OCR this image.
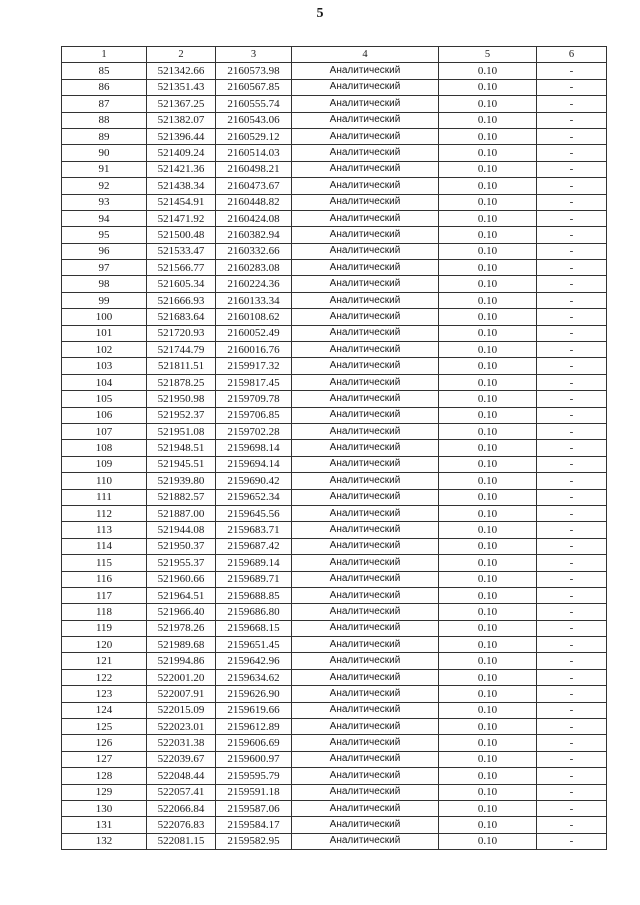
5
1	2	3	4	5	6
85	521342.66	2160573.98	Аналитический	0.10	-
86	521351.43	2160567.85	Аналитический	0.10	-
87	521367.25	2160555.74	Аналитический	0.10	-
88	521382.07	2160543.06	Аналитический	0.10	-
89	521396.44	2160529.12	Аналитический	0.10	-
90	521409.24	2160514.03	Аналитический	0.10	-
91	521421.36	2160498.21	Аналитический	0.10	-
92	521438.34	2160473.67	Аналитический	0.10	-
93	521454.91	2160448.82	Аналитический	0.10	-
94	521471.92	2160424.08	Аналитический	0.10	-
95	521500.48	2160382.94	Аналитический	0.10	-
96	521533.47	2160332.66	Аналитический	0.10	-
97	521566.77	2160283.08	Аналитический	0.10	-
98	521605.34	2160224.36	Аналитический	0.10	-
99	521666.93	2160133.34	Аналитический	0.10	-
100	521683.64	2160108.62	Аналитический	0.10	-
101	521720.93	2160052.49	Аналитический	0.10	-
102	521744.79	2160016.76	Аналитический	0.10	-
103	521811.51	2159917.32	Аналитический	0.10	-
104	521878.25	2159817.45	Аналитический	0.10	-
105	521950.98	2159709.78	Аналитический	0.10	-
106	521952.37	2159706.85	Аналитический	0.10	-
107	521951.08	2159702.28	Аналитический	0.10	-
108	521948.51	2159698.14	Аналитический	0.10	-
109	521945.51	2159694.14	Аналитический	0.10	-
110	521939.80	2159690.42	Аналитический	0.10	-
111	521882.57	2159652.34	Аналитический	0.10	-
112	521887.00	2159645.56	Аналитический	0.10	-
113	521944.08	2159683.71	Аналитический	0.10	-
114	521950.37	2159687.42	Аналитический	0.10	-
115	521955.37	2159689.14	Аналитический	0.10	-
116	521960.66	2159689.71	Аналитический	0.10	-
117	521964.51	2159688.85	Аналитический	0.10	-
118	521966.40	2159686.80	Аналитический	0.10	-
119	521978.26	2159668.15	Аналитический	0.10	-
120	521989.68	2159651.45	Аналитический	0.10	-
121	521994.86	2159642.96	Аналитический	0.10	-
122	522001.20	2159634.62	Аналитический	0.10	-
123	522007.91	2159626.90	Аналитический	0.10	-
124	522015.09	2159619.66	Аналитический	0.10	-
125	522023.01	2159612.89	Аналитический	0.10	-
126	522031.38	2159606.69	Аналитический	0.10	-
127	522039.67	2159600.97	Аналитический	0.10	-
128	522048.44	2159595.79	Аналитический	0.10	-
129	522057.41	2159591.18	Аналитический	0.10	-
130	522066.84	2159587.06	Аналитический	0.10	-
131	522076.83	2159584.17	Аналитический	0.10	-
132	522081.15	2159582.95	Аналитический	0.10	-
